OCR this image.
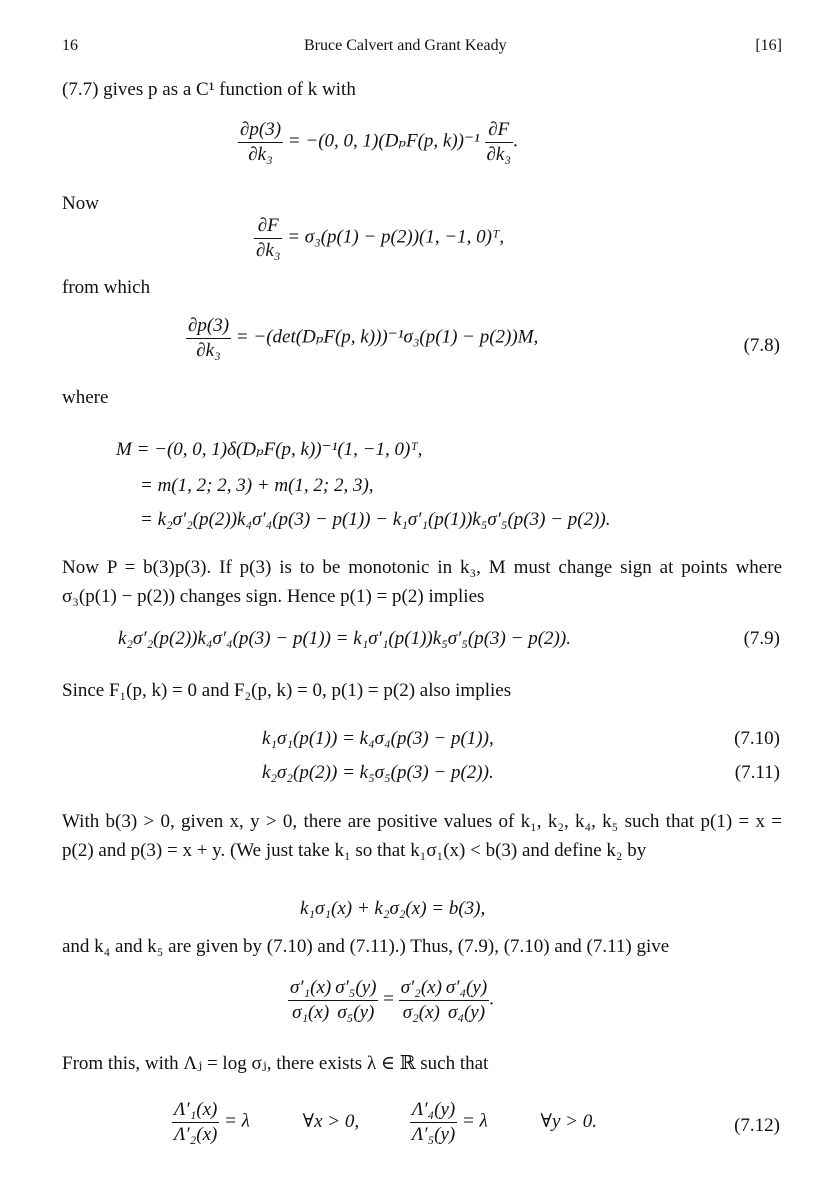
16	Bruce Calvert and Grant Keady	[16]
(7.7) gives p as a C¹ function of k with
$\frac{\partial p(3)}{\text{∂k₃}} = -(0$, 0, 1)(DₚF(p, $k))^{-1} \frac{\partial F}{\text{∂k₃}}$ .
Now
$\frac{\partial F}{\text{∂k₃}} = \sigma_3(p(1) - p(2))(1$, −1, 0)ᵀ,
from which
$\frac{\partial p(3)}{\text{∂k₃}} = -(\det(D_pF(p$, k)))⁻¹σ₃(p(1) − p(2))M,	(7.8)
where
M = −(0, 0, 1)δ(DₚF(p, k))⁻¹(1, −1, 0)ᵀ,
= m(1, 2; 2, 3) + m(1, 2; 2, 3),
= k₂σ′₂(p(2))k₄σ′₄(p(3) − p(1)) − k₁σ′₁(p(1))k₅σ′₅(p(3) − p(2)).
Now P = b(3)p(3). If p(3) is to be monotonic in k₃, M must change sign at points where σ₃(p(1) − p(2)) changes sign. Hence p(1) = p(2) implies
k₂σ′₂(p(2))k₄σ′₄(p(3) − p(1)) = k₁σ′₁(p(1))k₅σ′₅(p(3) − p(2)).	(7.9)
Since F₁(p, k) = 0 and F₂(p, k) = 0, p(1) = p(2) also implies
k₁σ₁(p(1)) = k₄σ₄(p(3) − p(1)),	(7.10)
k₂σ₂(p(2)) = k₅σ₅(p(3) − p(2)).	(7.11)
With b(3) > 0, given x, y > 0, there are positive values of k₁, k₂, k₄, k₅ such that p(1) = x = p(2) and p(3) = x + y. (We just take k₁ so that k₁σ₁(x) < b(3) and define k₂ by
k₁σ₁(x) + k₂σ₂(x) = b(3),
and k₄ and k₅ are given by (7.10) and (7.11).) Thus, (7.9), (7.10) and (7.11) give
$\frac{\text{σ′₁(x)}}{\text{σ₁(x)}} \frac{\text{σ′₅(y)}}{\text{σ₅(y)}} = \frac{\text{σ′₂(x)}}{\text{σ₂(x)}} \frac{\text{σ′₄(y)}}{\text{σ₄(y)}}$ .
From this, with Λⱼ = log σⱼ, there exists λ ∈ ℝ such that
$\frac{\text{Λ′₁(x)}}{\text{Λ′₂(x)}} = \lambda$	∀x > 0,	$\frac{\text{Λ′₄(y)}}{\text{Λ′₅(y)}} = \lambda$	∀y > 0.	(7.12)
